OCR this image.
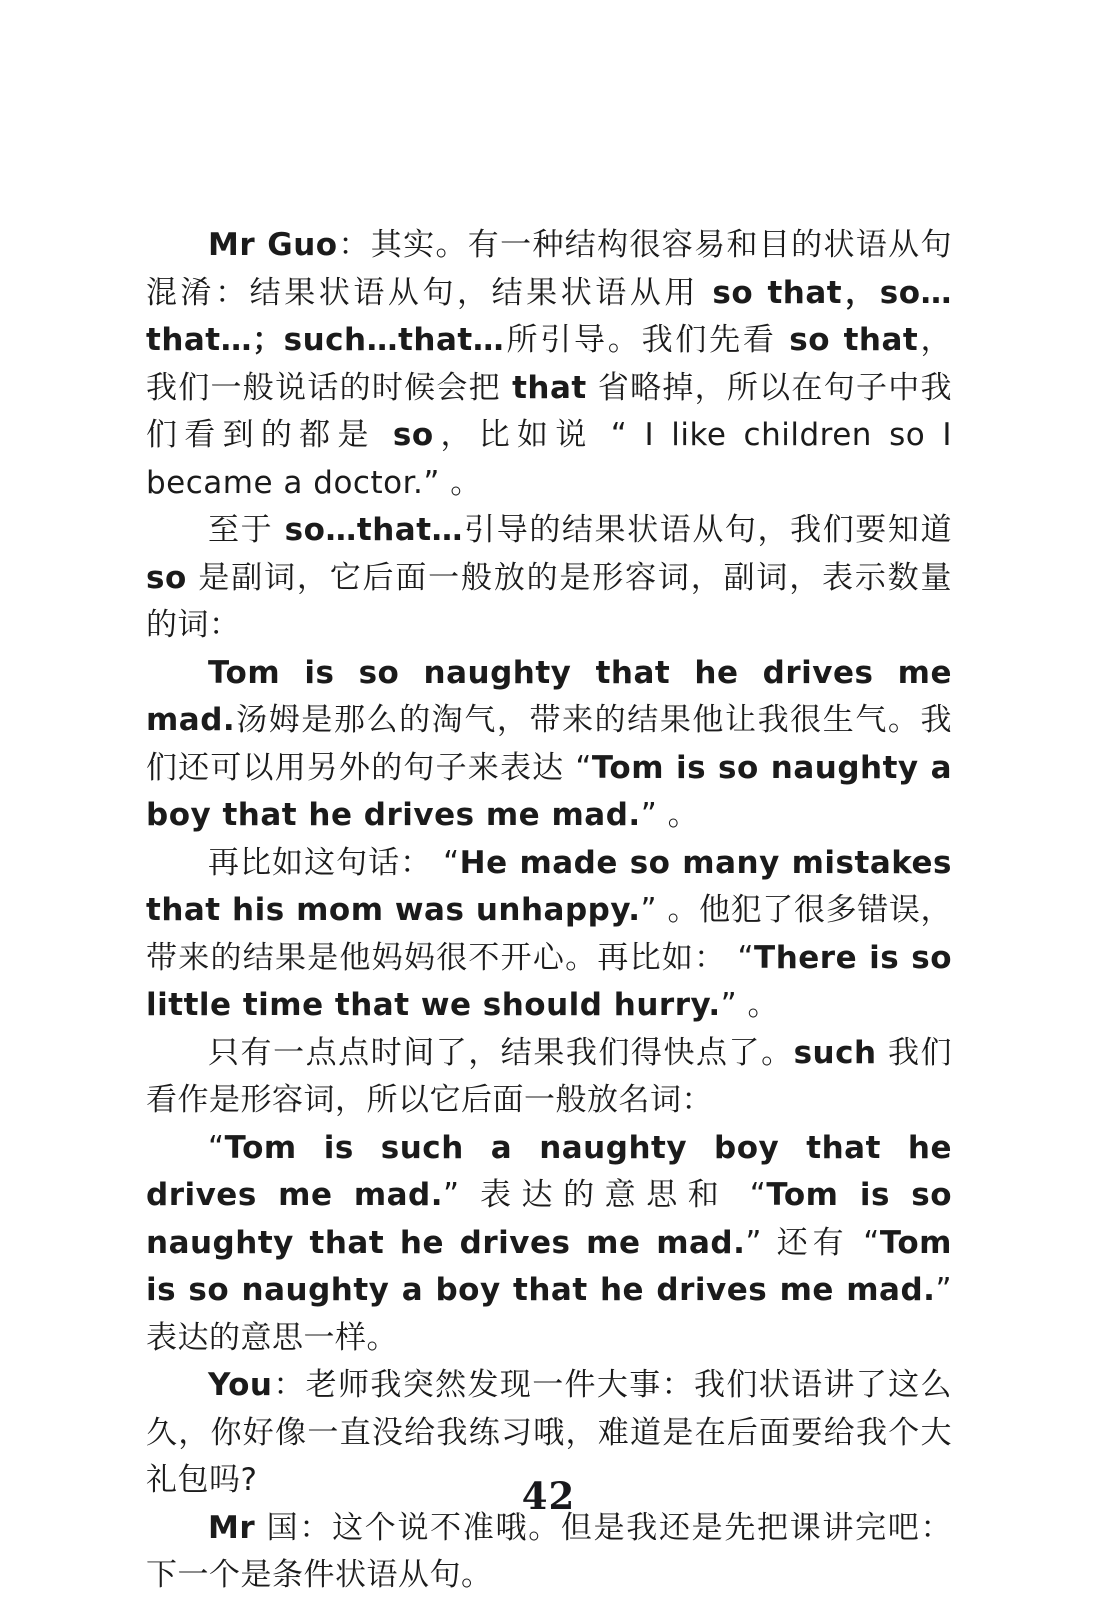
Mr Guo：其实。有一种结构很容易和目的状语从句混淆：结果状语从句，结果状语从用 so that，so…that…；such…that…所引导。我们先看 so that，我们一般说话的时候会把 that 省略掉，所以在句子中我们看到的都是 so，比如说 “ I like children so I became a doctor.” 。

至于 so…that…引导的结果状语从句，我们要知道 so 是副词，它后面一般放的是形容词，副词，表示数量的词：

Tom is so naughty that he drives me mad.汤姆是那么的淘气，带来的结果他让我很生气。我们还可以用另外的句子来表达 “Tom is so naughty a boy that he drives me mad.” 。

再比如这句话： “He made so many mistakes that his mom was unhappy.” 。他犯了很多错误，带来的结果是他妈妈很不开心。再比如： “There is so little time that we should hurry.” 。

只有一点点时间了，结果我们得快点了。such 我们看作是形容词，所以它后面一般放名词：

“Tom is such a naughty boy that he drives me mad.” 表达的意思和 “Tom is so naughty that he drives me mad.” 还有 “Tom is so naughty a boy that he drives me mad.” 表达的意思一样。

You：老师我突然发现一件大事：我们状语讲了这么久，你好像一直没给我练习哦，难道是在后面要给我个大礼包吗?

Mr 国：这个说不准哦。但是我还是先把课讲完吧：下一个是条件状语从句。

42
